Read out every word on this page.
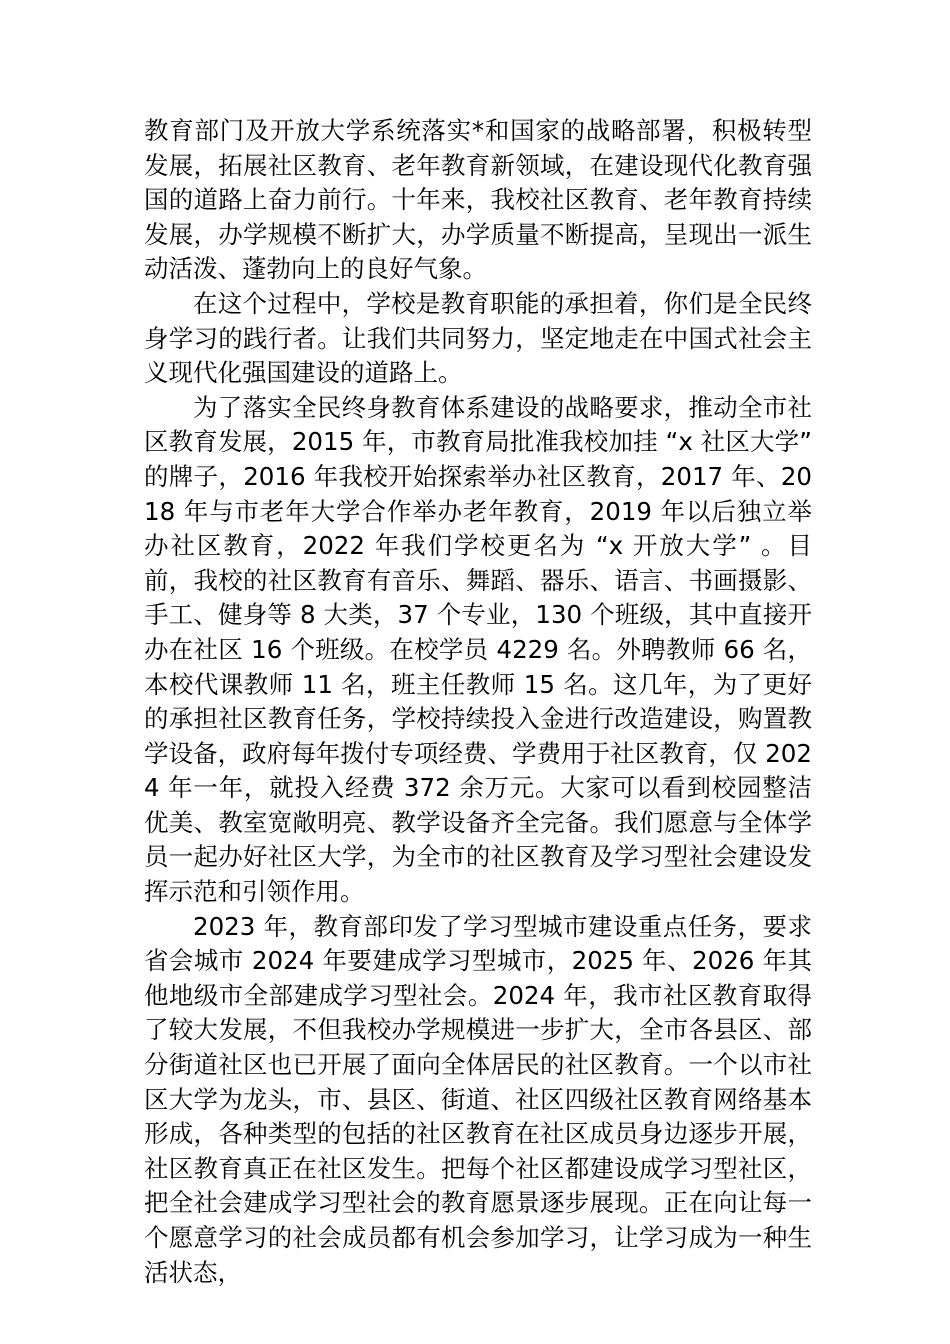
教育部门及开放大学系统落实*和国家的战略部署，积极转型发展，拓展社区教育、老年教育新领域，在建设现代化教育强国的道路上奋力前行。十年来，我校社区教育、老年教育持续发展，办学规模不断扩大，办学质量不断提高，呈现出一派生动活泼、蓬勃向上的良好气象。

在这个过程中，学校是教育职能的承担着，你们是全民终身学习的践行者。让我们共同努力，坚定地走在中国式社会主义现代化强国建设的道路上。

为了落实全民终身教育体系建设的战略要求，推动全市社区教育发展，2015 年，市教育局批准我校加挂 “x 社区大学” 的牌子，2016 年我校开始探索举办社区教育，2017 年、2018 年与市老年大学合作举办老年教育，2019 年以后独立举办社区教育，2022 年我们学校更名为 “x 开放大学” 。目前，我校的社区教育有音乐、舞蹈、器乐、语言、书画摄影、手工、健身等 8 大类，37 个专业，130 个班级，其中直接开办在社区 16 个班级。在校学员 4229 名。外聘教师 66 名，本校代课教师 11 名，班主任教师 15 名。这几年，为了更好的承担社区教育任务，学校持续投入金进行改造建设，购置教学设备，政府每年拨付专项经费、学费用于社区教育，仅 2024 年一年，就投入经费 372 余万元。大家可以看到校园整洁优美、教室宽敞明亮、教学设备齐全完备。我们愿意与全体学员一起办好社区大学，为全市的社区教育及学习型社会建设发挥示范和引领作用。

2023 年，教育部印发了学习型城市建设重点任务，要求省会城市 2024 年要建成学习型城市，2025 年、2026 年其他地级市全部建成学习型社会。2024 年，我市社区教育取得了较大发展，不但我校办学规模进一步扩大，全市各县区、部分街道社区也已开展了面向全体居民的社区教育。一个以市社区大学为龙头，市、县区、街道、社区四级社区教育网络基本形成，各种类型的包括的社区教育在社区成员身边逐步开展，社区教育真正在社区发生。把每个社区都建设成学习型社区，把全社会建成学习型社会的教育愿景逐步展现。正在向让每一个愿意学习的社会成员都有机会参加学习，让学习成为一种生活状态，
